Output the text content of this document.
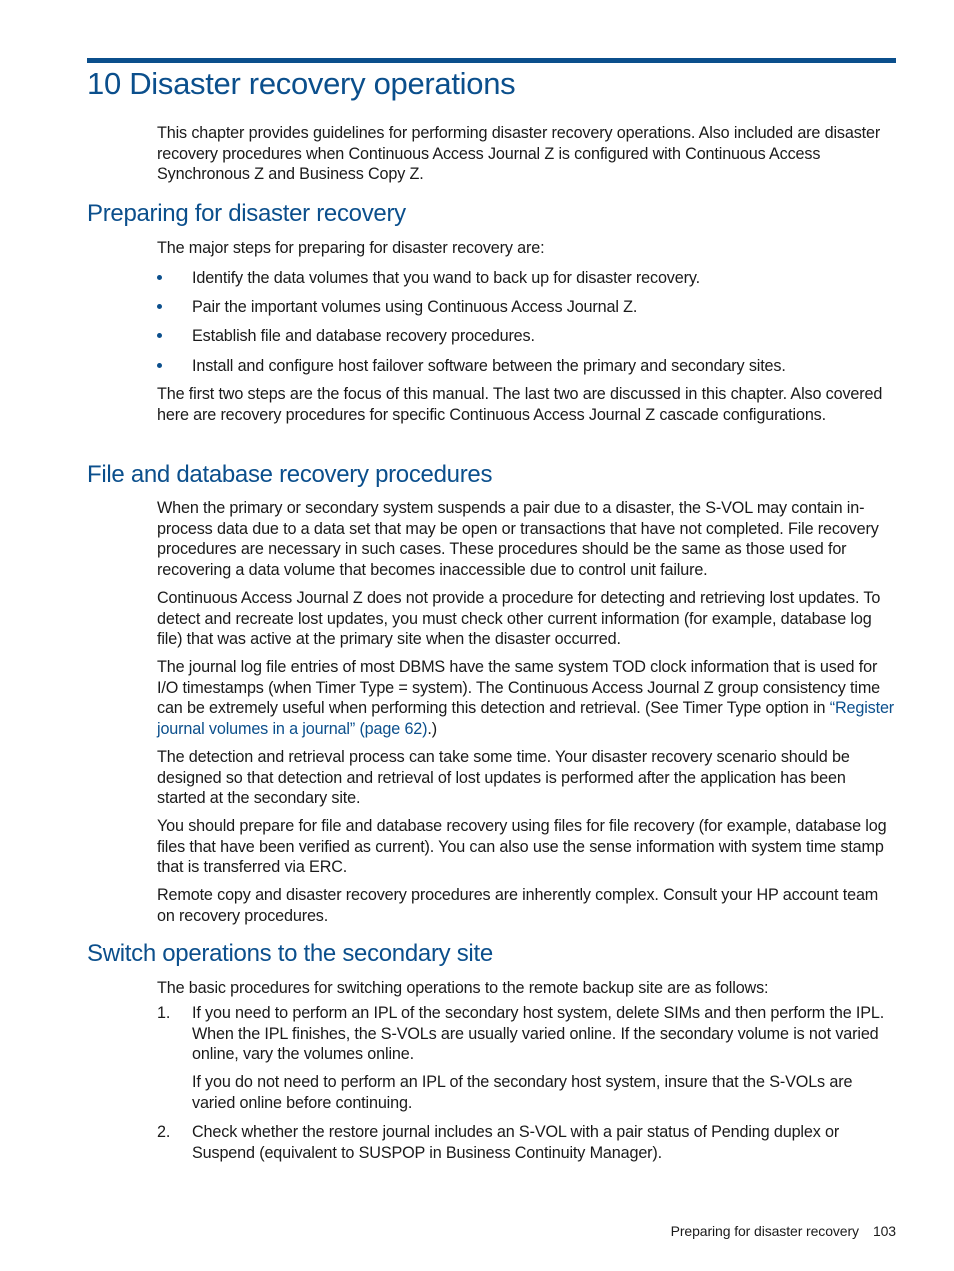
10 Disaster recovery operations

This chapter provides guidelines for performing disaster recovery operations. Also included are disaster recovery procedures when Continuous Access Journal Z is configured with Continuous Access Synchronous Z and Business Copy Z.

Preparing for disaster recovery

The major steps for preparing for disaster recovery are:

Identify the data volumes that you wand to back up for disaster recovery.
Pair the important volumes using Continuous Access Journal Z.
Establish file and database recovery procedures.
Install and configure host failover software between the primary and secondary sites.

The first two steps are the focus of this manual. The last two are discussed in this chapter. Also covered here are recovery procedures for specific Continuous Access Journal Z cascade configurations.

File and database recovery procedures

When the primary or secondary system suspends a pair due to a disaster, the S-VOL may contain in-process data due to a data set that may be open or transactions that have not completed. File recovery procedures are necessary in such cases. These procedures should be the same as those used for recovering a data volume that becomes inaccessible due to control unit failure.

Continuous Access Journal Z does not provide a procedure for detecting and retrieving lost updates. To detect and recreate lost updates, you must check other current information (for example, database log file) that was active at the primary site when the disaster occurred.

The journal log file entries of most DBMS have the same system TOD clock information that is used for I/O timestamps (when Timer Type = system). The Continuous Access Journal Z group consistency time can be extremely useful when performing this detection and retrieval. (See Timer Type option in “Register journal volumes in a journal” (page 62).)

The detection and retrieval process can take some time. Your disaster recovery scenario should be designed so that detection and retrieval of lost updates is performed after the application has been started at the secondary site.

You should prepare for file and database recovery using files for file recovery (for example, database log files that have been verified as current). You can also use the sense information with system time stamp that is transferred via ERC.

Remote copy and disaster recovery procedures are inherently complex. Consult your HP account team on recovery procedures.

Switch operations to the secondary site

The basic procedures for switching operations to the remote backup site are as follows:

1. If you need to perform an IPL of the secondary host system, delete SIMs and then perform the IPL. When the IPL finishes, the S-VOLs are usually varied online. If the secondary volume is not varied online, vary the volumes online.

If you do not need to perform an IPL of the secondary host system, insure that the S-VOLs are varied online before continuing.

2. Check whether the restore journal includes an S-VOL with a pair status of Pending duplex or Suspend (equivalent to SUSPOP in Business Continuity Manager).
Preparing for disaster recovery 103
